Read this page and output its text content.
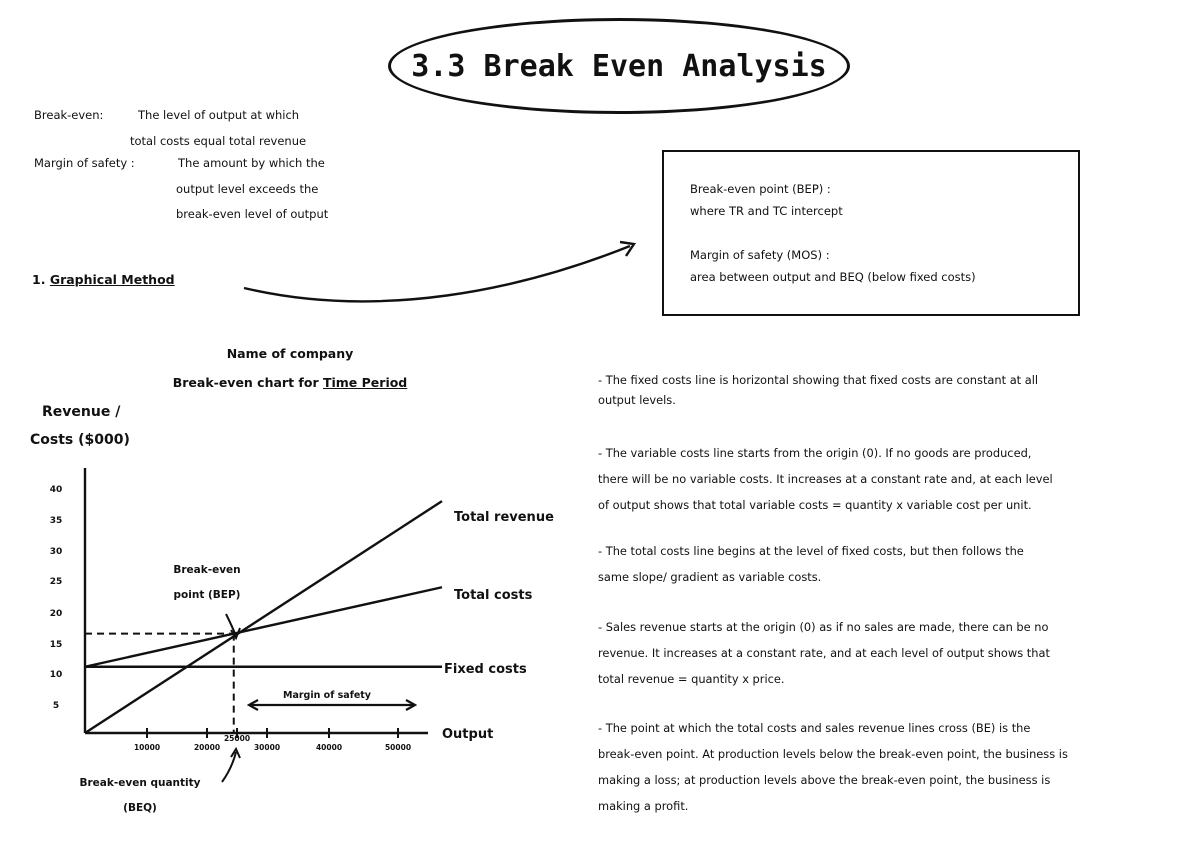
3.3 Break Even Analysis
Break-even:	The level of output at which
total costs equal total revenue
Margin of safety :	The amount by which the
output level exceeds the
break-even level of output

Break-even point (BEP) :

where TR and TC intercept

Margin of safety (MOS) :

area between output and BEQ (below fixed costs)

1. Graphical Method
Name of company
Break-even chart for Time Period
Revenue /
Costs ($000)
40
35
30
25
20
15
10
5
10000	20000
25000
30000	40000	50000
Total revenue
Total costs
Fixed costs
Output
Break-even
point (BEP)
Margin of safety
Break-even quantity
(BEQ)
- The fixed costs line is horizontal showing that fixed costs are constant at all
output levels.
- The variable costs line starts from the origin (0). If no goods are produced,
there will be no variable costs. It increases at a constant rate and, at each level
of output shows that total variable costs = quantity x variable cost per unit.
- The total costs line begins at the level of fixed costs, but then follows the
same slope/ gradient as variable costs.
- Sales revenue starts at the origin (0) as if no sales are made, there can be no
revenue. It increases at a constant rate, and at each level of output shows that
total revenue = quantity x price.
- The point at which the total costs and sales revenue lines cross (BE) is the
break-even point. At production levels below the break-even point, the business is
making a loss; at production levels above the break-even point, the business is
making a profit.
